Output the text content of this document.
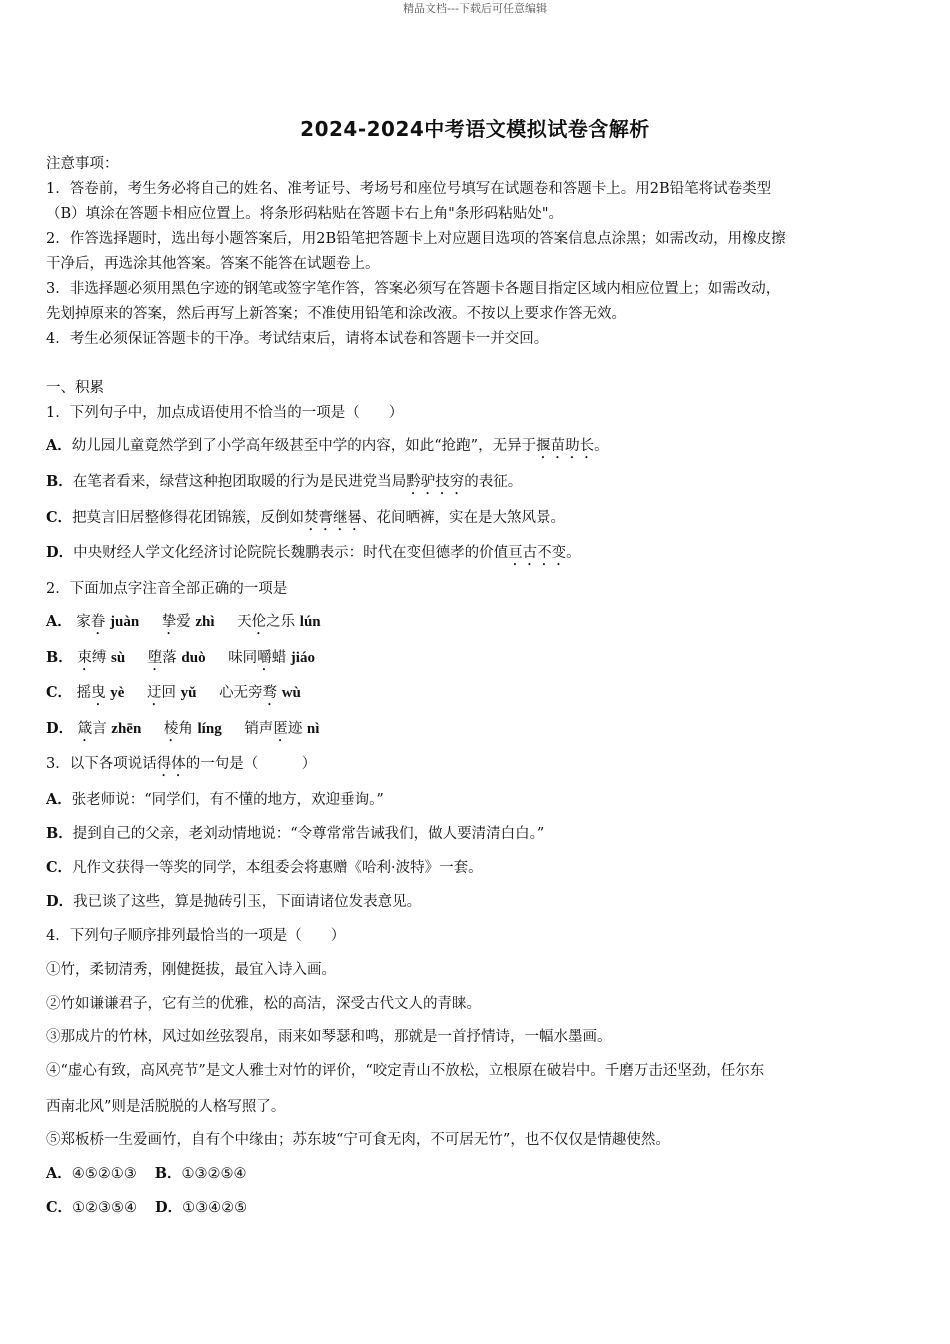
精品文档---下载后可任意编辑
2024-2024中考语文模拟试卷含解析
注意事项：
1．答卷前，考生务必将自己的姓名、准考证号、考场号和座位号填写在试题卷和答题卡上。用2B铅笔将试卷类型
（B）填涂在答题卡相应位置上。将条形码粘贴在答题卡右上角"条形码粘贴处"。
2．作答选择题时，选出每小题答案后，用2B铅笔把答题卡上对应题目选项的答案信息点涂黑；如需改动，用橡皮擦
干净后，再选涂其他答案。答案不能答在试题卷上。
3．非选择题必须用黑色字迹的钢笔或签字笔作答，答案必须写在答题卡各题目指定区域内相应位置上；如需改动，
先划掉原来的答案，然后再写上新答案；不准使用铅笔和涂改液。不按以上要求作答无效。
4．考生必须保证答题卡的干净。考试结束后，请将本试卷和答题卡一并交回。
一、积累
1．下列句子中，加点成语使用不恰当的一项是（　　）
A．幼儿园儿童竟然学到了小学高年级甚至中学的内容，如此“抢跑”，无异于揠苗助长。
B．在笔者看来，绿营这种抱团取暖的行为是民进党当局黔驴技穷的表征。
C．把莫言旧居整修得花团锦簇，反倒如焚膏继晷、花间晒裤，实在是大煞风景。
D．中央财经人学文化经济讨论院院长魏鹏表示：时代在变但德孝的价值亘古不变。
2．下面加点字注音全部正确的一项是
A． 家眷 juàn 挚爱 zhì 天伦之乐 lún
B． 束缚 sù 堕落 duò 味同嚼蜡 jiáo
C． 摇曳 yè 迂回 yǔ 心无旁骛 wù
D． 箴言 zhēn 棱角 líng 销声匿迹 nì
3．以下各项说话得体的一句是（　　　）
A．张老师说：“同学们，有不懂的地方，欢迎垂询。”
B．提到自己的父亲，老刘动情地说：“令尊常常告诫我们，做人要清清白白。”
C．凡作文获得一等奖的同学，本组委会将惠赠《哈利·波特》一套。
D．我已谈了这些，算是抛砖引玉，下面请诸位发表意见。
4．下列句子顺序排列最恰当的一项是（　　）
①竹，柔韧清秀，刚健挺拔，最宜入诗入画。
②竹如谦谦君子，它有兰的优雅，松的高洁，深受古代文人的青睐。
③那成片的竹林，风过如丝弦裂帛，雨来如琴瑟和鸣，那就是一首抒情诗，一幅水墨画。
④“虚心有致，高风亮节”是文人雅士对竹的评价，“咬定青山不放松，立根原在破岩中。千磨万击还坚劲，任尔东
西南北风”则是活脱脱的人格写照了。
⑤郑板桥一生爱画竹，自有个中缘由；苏东坡“宁可食无肉，不可居无竹”，也不仅仅是情趣使然。
A．④⑤②①③ B．①③②⑤④
C．①②③⑤④ D．①③④②⑤
